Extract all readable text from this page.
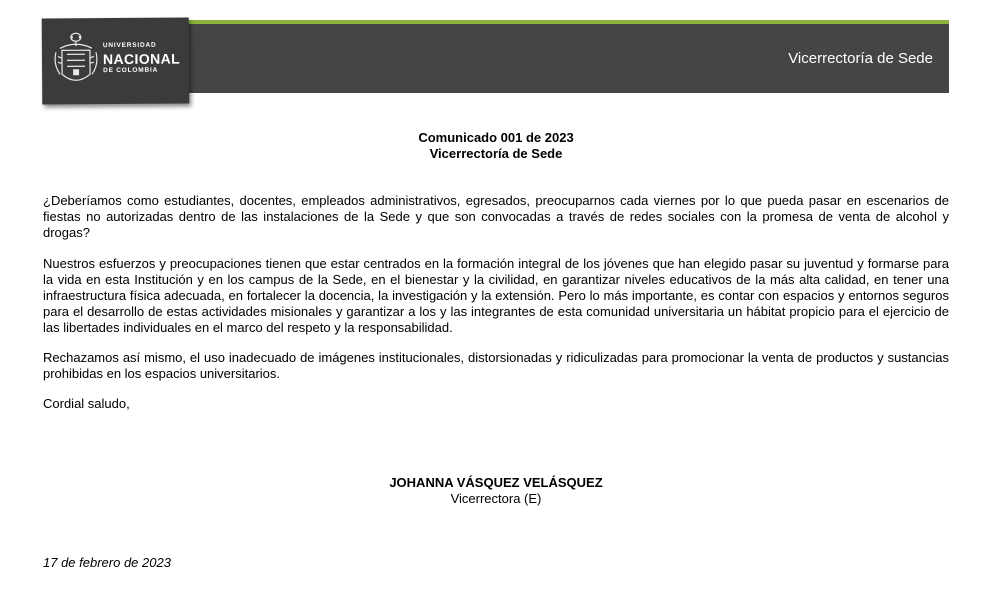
Vicerrectoría de Sede
UNIVERSIDAD
NACIONAL
DE COLOMBIA
Comunicado 001 de 2023
Vicerrectoría de Sede

¿Deberíamos como estudiantes, docentes, empleados administrativos, egresados, preocuparnos cada viernes por lo que pueda pasar en escenarios de fiestas no autorizadas dentro de las instalaciones de la Sede y que son convocadas a través de redes sociales con la promesa de venta de alcohol y drogas?

Nuestros esfuerzos y preocupaciones tienen que estar centrados en la formación integral de los jóvenes que han elegido pasar su juventud y formarse para la vida en esta Institución y en los campus de la Sede, en el bienestar y la civilidad, en garantizar niveles educativos de la más alta calidad, en tener una infraestructura física adecuada, en fortalecer la docencia, la investigación y la extensión. Pero lo más importante, es contar con espacios y entornos seguros para el desarrollo de estas actividades misionales y garantizar a los y las integrantes de esta comunidad universitaria un hábitat propicio para el ejercicio de las libertades individuales en el marco del respeto y la responsabilidad.

Rechazamos así mismo, el uso inadecuado de imágenes institucionales, distorsionadas y ridiculizadas para promocionar la venta de productos y sustancias prohibidas en los espacios universitarios.

Cordial saludo,

JOHANNA VÁSQUEZ VELÁSQUEZ
Vicerrectora (E)
17 de febrero de 2023
